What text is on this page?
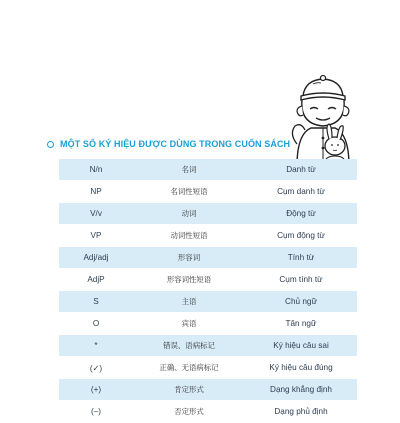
MỘT SỐ KÝ HIỆU ĐƯỢC DÙNG TRONG CUỐN SÁCH
N/n	名词	Danh từ
NP	名词性短语	Cụm danh từ
V/v	动词	Động từ
VP	动词性短语	Cụm động từ
Adj/adj	形容词	Tính từ
AdjP	形容词性短语	Cụm tính từ
S	主语	Chủ ngữ
O	宾语	Tân ngữ
*	错误、语病标记	Ký hiệu câu sai
(✓)	正确、无语病标记	Ký hiệu câu đúng
(+)	肯定形式	Dạng khẳng định
(–)	否定形式	Dạng phủ định
